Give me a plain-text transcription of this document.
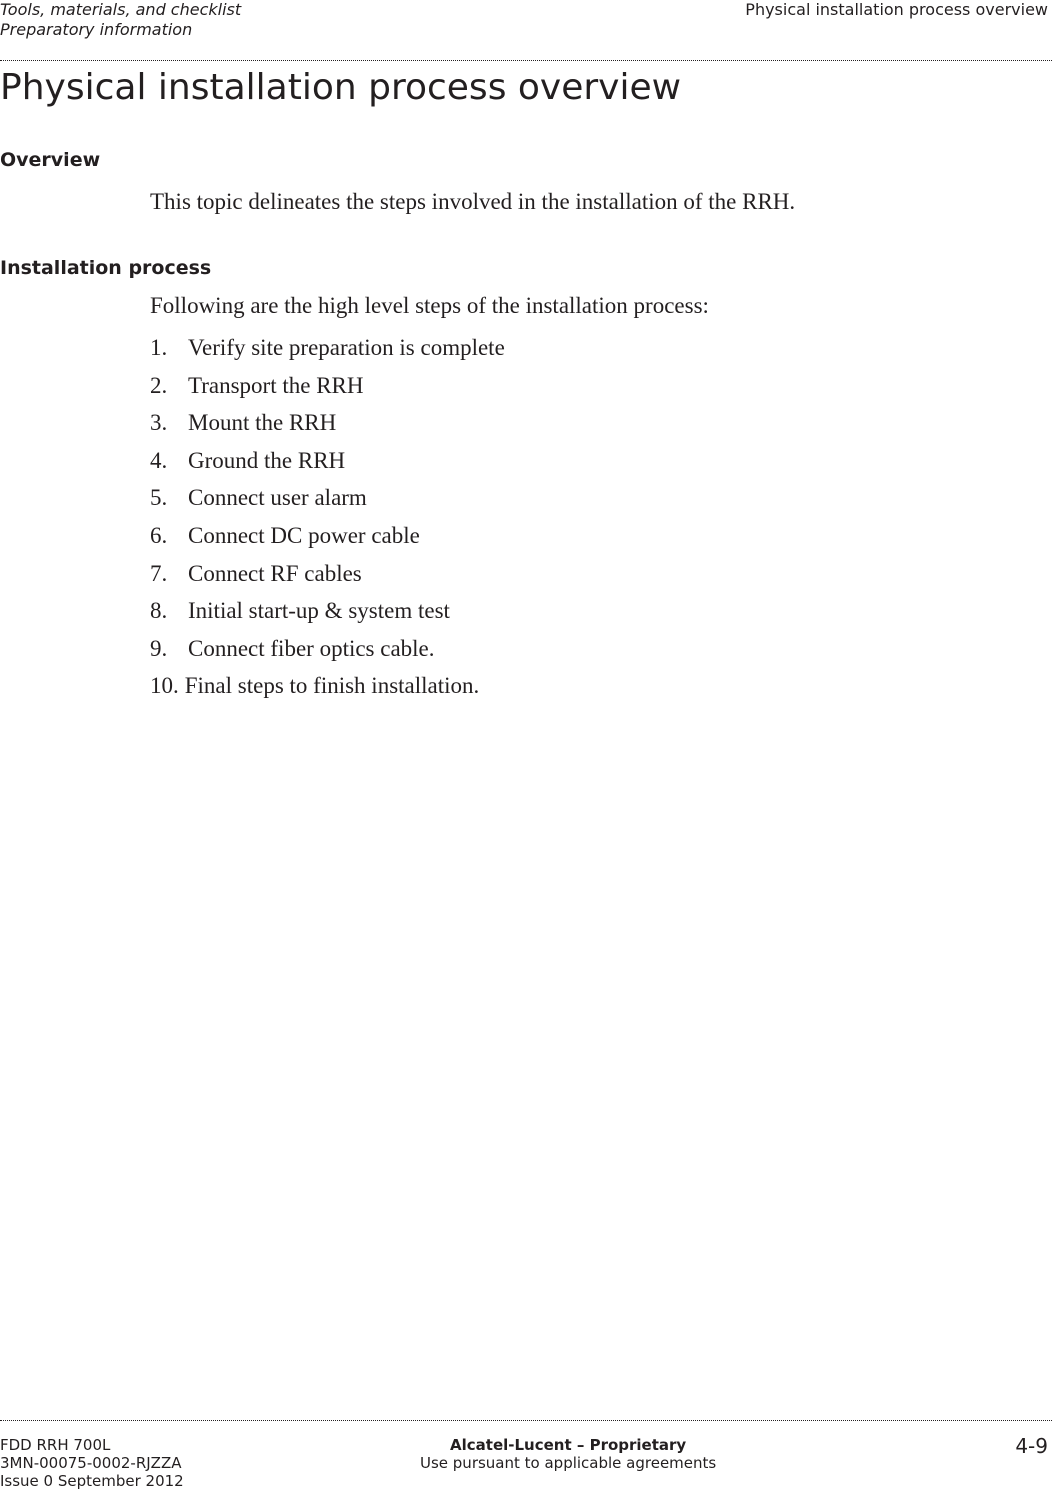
Tools, materials, and checklist
Preparatory information
Physical installation process overview
Physical installation process overview
Overview

This topic delineates the steps involved in the installation of the RRH.

Installation process

Following are the high level steps of the installation process:

1. Verify site preparation is complete
2. Transport the RRH
3. Mount the RRH
4. Ground the RRH
5. Connect user alarm
6. Connect DC power cable
7. Connect RF cables
8. Initial start-up & system test
9. Connect fiber optics cable.
10. Final steps to finish installation.
FDD RRH 700L
3MN-00075-0002-RJZZA
Issue 0 September 2012
Alcatel-Lucent – Proprietary
Use pursuant to applicable agreements
4-9
